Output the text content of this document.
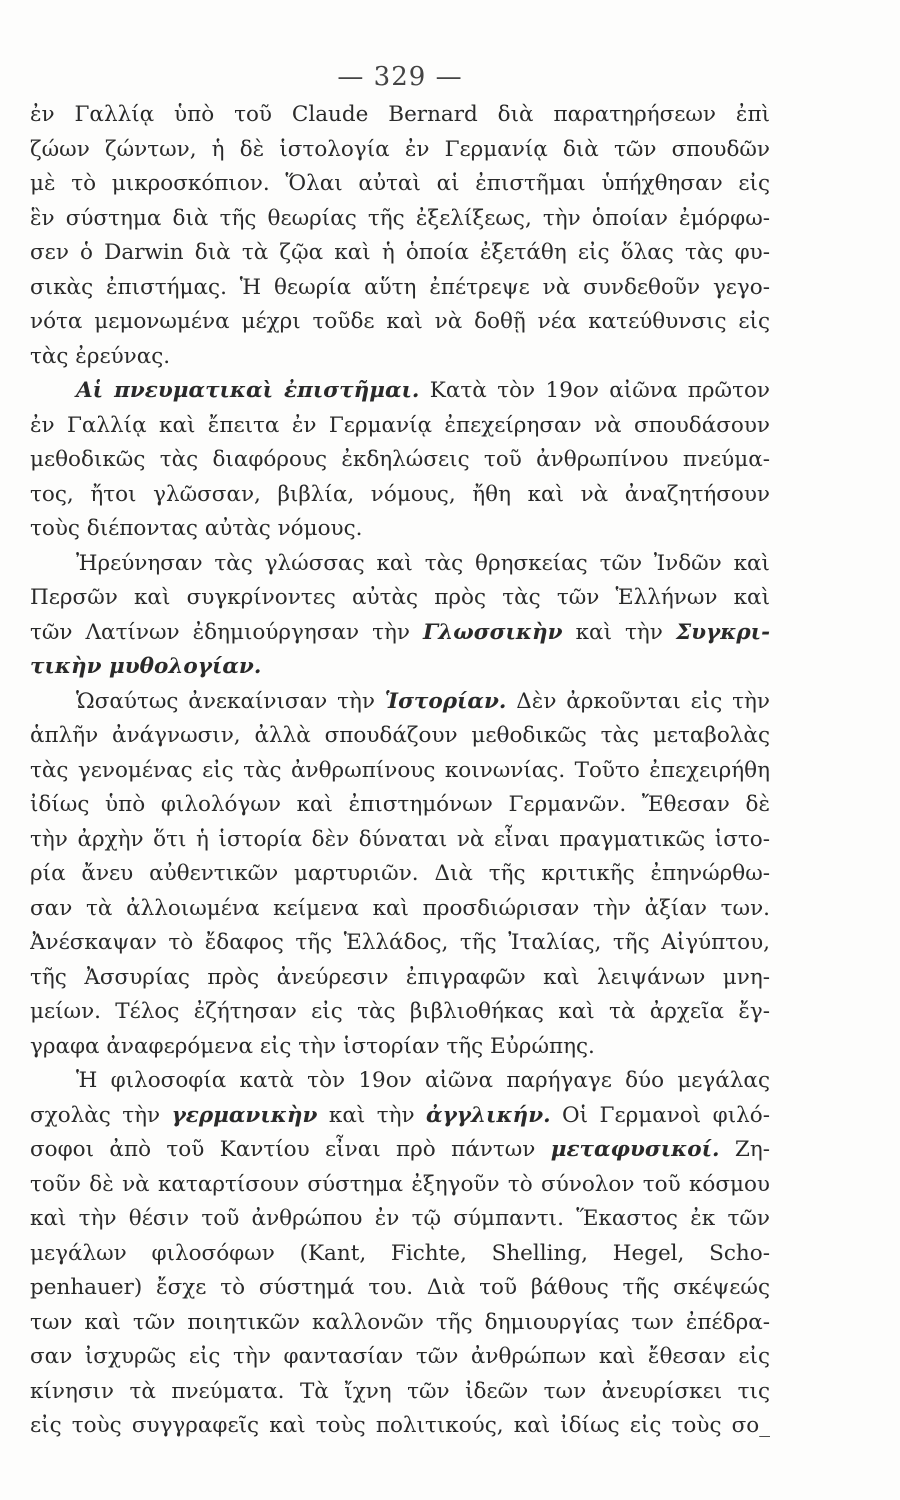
— 329 —
ἐν Γαλλίᾳ ὑπὸ τοῦ Claude Bernard διὰ παρατηρήσεων ἐπὶ
ζώων ζώντων, ἡ δὲ ἱστολογία ἐν Γερμανίᾳ διὰ τῶν σπουδῶν
μὲ τὸ μικροσκόπιον. Ὅλαι αὐταὶ αἱ ἐπιστῆμαι ὑπήχθησαν εἰς
ἓν σύστημα διὰ τῆς θεωρίας τῆς ἐξελίξεως, τὴν ὁποίαν ἐμόρφω-
σεν ὁ Darwin διὰ τὰ ζῷα καὶ ἡ ὁποία ἐξετάθη εἰς ὅλας τὰς φυ-
σικὰς ἐπιστήμας. Ἡ θεωρία αὕτη ἐπέτρεψε νὰ συνδεθοῦν γεγο-
νότα μεμονωμένα μέχρι τοῦδε καὶ νὰ δοθῇ νέα κατεύθυνσις εἰς
τὰς ἐρεύνας.
Αἱ πνευματικαὶ ἐπιστῆμαι. Κατὰ τὸν 19ον αἰῶνα πρῶτον
ἐν Γαλλίᾳ καὶ ἔπειτα ἐν Γερμανίᾳ ἐπεχείρησαν νὰ σπουδάσουν
μεθοδικῶς τὰς διαφόρους ἐκδηλώσεις τοῦ ἀνθρωπίνου πνεύμα-
τος, ἤτοι γλῶσσαν, βιβλία, νόμους, ἤθη καὶ νὰ ἀναζητήσουν
τοὺς διέποντας αὐτὰς νόμους.
Ἠρεύνησαν τὰς γλώσσας καὶ τὰς θρησκείας τῶν Ἰνδῶν καὶ
Περσῶν καὶ συγκρίνοντες αὐτὰς πρὸς τὰς τῶν Ἑλλήνων καὶ
τῶν Λατίνων ἐδημιούργησαν τὴν Γλωσσικὴν καὶ τὴν Συγκρι-
τικὴν μυθολογίαν.
Ὡσαύτως ἀνεκαίνισαν τὴν Ἱστορίαν. Δὲν ἀρκοῦνται εἰς τὴν
ἁπλῆν ἀνάγνωσιν, ἀλλὰ σπουδάζουν μεθοδικῶς τὰς μεταβολὰς
τὰς γενομένας εἰς τὰς ἀνθρωπίνους κοινωνίας. Τοῦτο ἐπεχειρήθη
ἰδίως ὑπὸ φιλολόγων καὶ ἐπιστημόνων Γερμανῶν. Ἔθεσαν δὲ
τὴν ἀρχὴν ὅτι ἡ ἱστορία δὲν δύναται νὰ εἶναι πραγματικῶς ἱστο-
ρία ἄνευ αὐθεντικῶν μαρτυριῶν. Διὰ τῆς κριτικῆς ἐπηνώρθω-
σαν τὰ ἀλλοιωμένα κείμενα καὶ προσδιώρισαν τὴν ἀξίαν των.
Ἀνέσκαψαν τὸ ἔδαφος τῆς Ἑλλάδος, τῆς Ἰταλίας, τῆς Αἰγύπτου,
τῆς Ἀσσυρίας πρὸς ἀνεύρεσιν ἐπιγραφῶν καὶ λειψάνων μνη-
μείων. Τέλος ἐζήτησαν εἰς τὰς βιβλιοθήκας καὶ τὰ ἀρχεῖα ἔγ-
γραφα ἀναφερόμενα εἰς τὴν ἱστορίαν τῆς Εὐρώπης.
Ἡ φιλοσοφία κατὰ τὸν 19ον αἰῶνα παρήγαγε δύο μεγάλας
σχολὰς τὴν γερμανικὴν καὶ τὴν ἀγγλικήν. Οἱ Γερμανοὶ φιλό-
σοφοι ἀπὸ τοῦ Καντίου εἶναι πρὸ πάντων μεταφυσικοί. Ζη-
τοῦν δὲ νὰ καταρτίσουν σύστημα ἐξηγοῦν τὸ σύνολον τοῦ κόσμου
καὶ τὴν θέσιν τοῦ ἀνθρώπου ἐν τῷ σύμπαντι. Ἕκαστος ἐκ τῶν
μεγάλων φιλοσόφων (Kant, Fichte, Shelling, Hegel, Scho-
penhauer) ἔσχε τὸ σύστημά του. Διὰ τοῦ βάθους τῆς σκέψεώς
των καὶ τῶν ποιητικῶν καλλονῶν τῆς δημιουργίας των ἐπέδρα-
σαν ἰσχυρῶς εἰς τὴν φαντασίαν τῶν ἀνθρώπων καὶ ἔθεσαν εἰς
κίνησιν τὰ πνεύματα. Τὰ ἴχνη τῶν ἰδεῶν των ἀνευρίσκει τις
εἰς τοὺς συγγραφεῖς καὶ τοὺς πολιτικούς, καὶ ἰδίως εἰς τοὺς σο_
